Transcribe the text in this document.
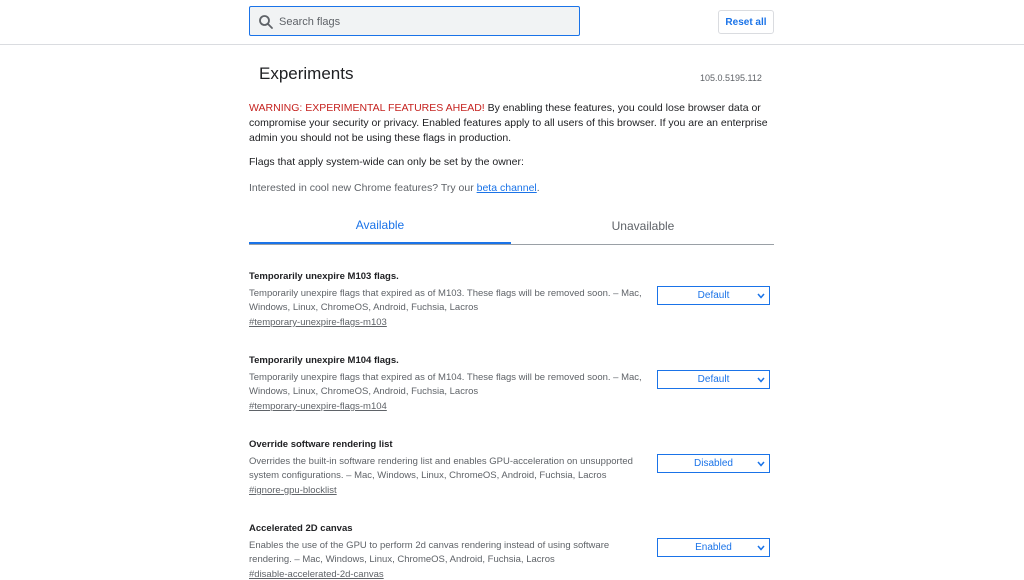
Search flags
Reset all
Experiments	105.0.5195.112
WARNING: EXPERIMENTAL FEATURES AHEAD! By enabling these features, you could lose browser data or compromise your security or privacy. Enabled features apply to all users of this browser. If you are an enterprise admin you should not be using these flags in production.
Flags that apply system-wide can only be set by the owner:
Interested in cool new Chrome features? Try our beta channel.
Available	Unavailable
Temporarily unexpire M103 flags.
Temporarily unexpire flags that expired as of M103. These flags will be removed soon. – Mac, Windows, Linux, ChromeOS, Android, Fuchsia, Lacros
#temporary-unexpire-flags-m103
Default
Temporarily unexpire M104 flags.
Temporarily unexpire flags that expired as of M104. These flags will be removed soon. – Mac, Windows, Linux, ChromeOS, Android, Fuchsia, Lacros
#temporary-unexpire-flags-m104
Default
Override software rendering list
Overrides the built-in software rendering list and enables GPU-acceleration on unsupported system configurations. – Mac, Windows, Linux, ChromeOS, Android, Fuchsia, Lacros
#ignore-gpu-blocklist
Disabled
Accelerated 2D canvas
Enables the use of the GPU to perform 2d canvas rendering instead of using software rendering. – Mac, Windows, Linux, ChromeOS, Android, Fuchsia, Lacros
#disable-accelerated-2d-canvas
Enabled
